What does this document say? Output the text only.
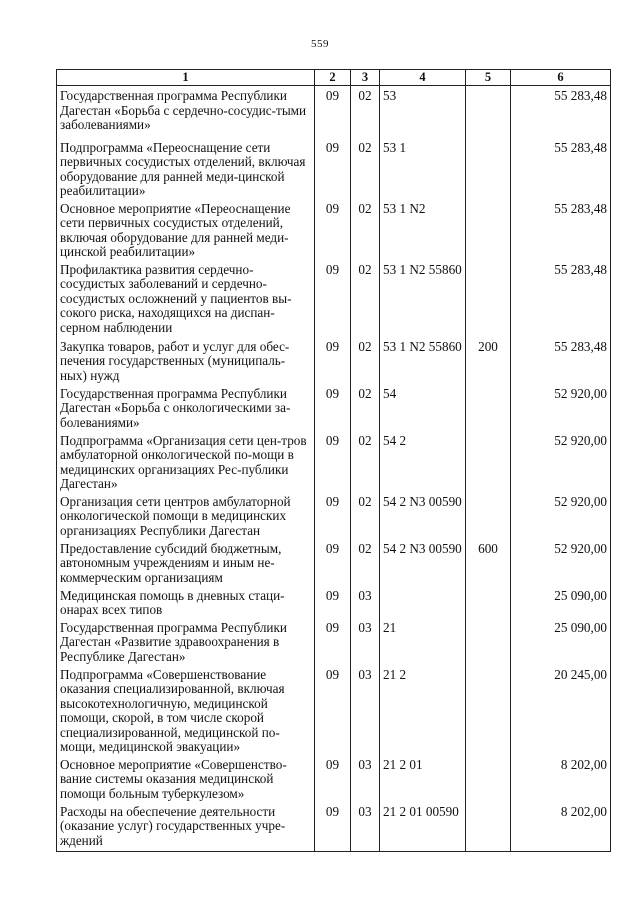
559
1	2	3	4	5	6
Государственная программа Республики Дагестан «Борьба с сердечно-сосудис-тыми заболеваниями»	09	02	53		55 283,48
Подпрограмма «Переоснащение сети первичных сосудистых отделений, включая оборудование для ранней меди-цинской реабилитации»	09	02	53 1		55 283,48
Основное мероприятие «Переоснащение сети первичных сосудистых отделений, включая оборудование для ранней меди-цинской реабилитации»	09	02	53 1 N2		55 283,48
Профилактика развития сердечно-сосудистых заболеваний и сердечно-сосудистых осложнений у пациентов вы-сокого риска, находящихся на диспан-серном наблюдении	09	02	53 1 N2 55860		55 283,48
Закупка товаров, работ и услуг для обес-печения государственных (муниципаль-ных) нужд	09	02	53 1 N2 55860	200	55 283,48
Государственная программа Республики Дагестан «Борьба с онкологическими за-болеваниями»	09	02	54		52 920,00
Подпрограмма «Организация сети цен-тров амбулаторной онкологической по-мощи в медицинских организациях Рес-публики Дагестан»	09	02	54 2		52 920,00
Организация сети центров амбулаторной онкологической помощи в медицинских организациях Республики Дагестан	09	02	54 2 N3 00590		52 920,00
Предоставление субсидий бюджетным, автономным учреждениям и иным не-коммерческим организациям	09	02	54 2 N3 00590	600	52 920,00
Медицинская помощь в дневных стаци-онарах всех типов	09	03			25 090,00
Государственная программа Республики Дагестан «Развитие здравоохранения в Республике Дагестан»	09	03	21		25 090,00
Подпрограмма «Совершенствование оказания специализированной, включая высокотехнологичную, медицинской помощи, скорой, в том числе скорой специализированной, медицинской по-мощи, медицинской эвакуации»	09	03	21 2		20 245,00
Основное мероприятие «Совершенство-вание системы оказания медицинской помощи больным туберкулезом»	09	03	21 2 01		8 202,00
Расходы на обеспечение деятельности (оказание услуг) государственных учре-ждений	09	03	21 2 01 00590		8 202,00
